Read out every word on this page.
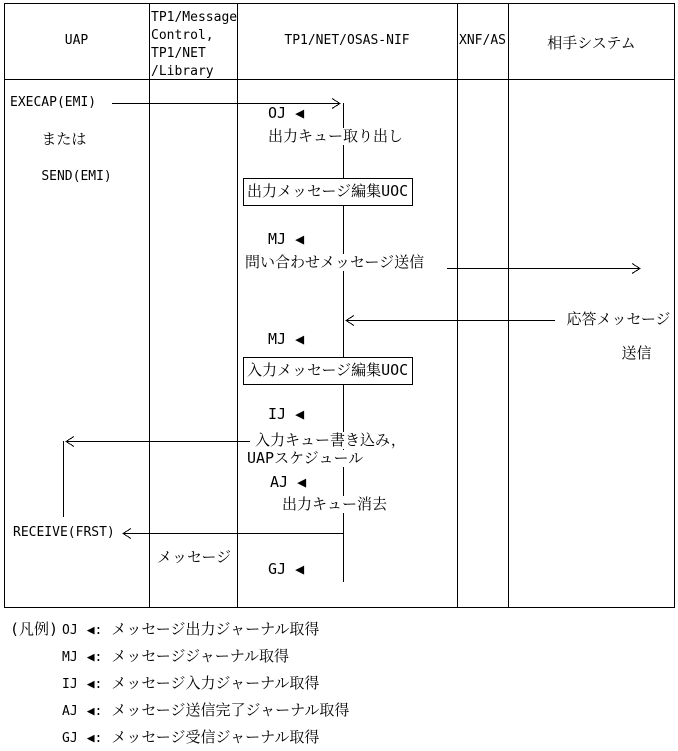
UAP
TP1/Message
Control,
TP1/NET
/Library
TP1/NET/OSAS-NIF	XNF/AS	相手システム
EXECAP(EMI)

または

SEND(EMI)
RECEIVE(FRST)
OJ ◀
出力キュー取り出し
出力メッセージ編集UOC
MJ ◀
問い合わせメッセージ送信
応答メッセージ

送信
MJ ◀
入力メッセージ編集UOC
IJ ◀
入力キュー書き込み，
UAPスケジュール
AJ ◀
出力キュー消去
メッセージ
GJ ◀
(凡例) OJ ◀: メッセージ出力ジャーナル取得
MJ ◀: メッセージジャーナル取得
IJ ◀: メッセージ入力ジャーナル取得
AJ ◀: メッセージ送信完了ジャーナル取得
GJ ◀: メッセージ受信ジャーナル取得
